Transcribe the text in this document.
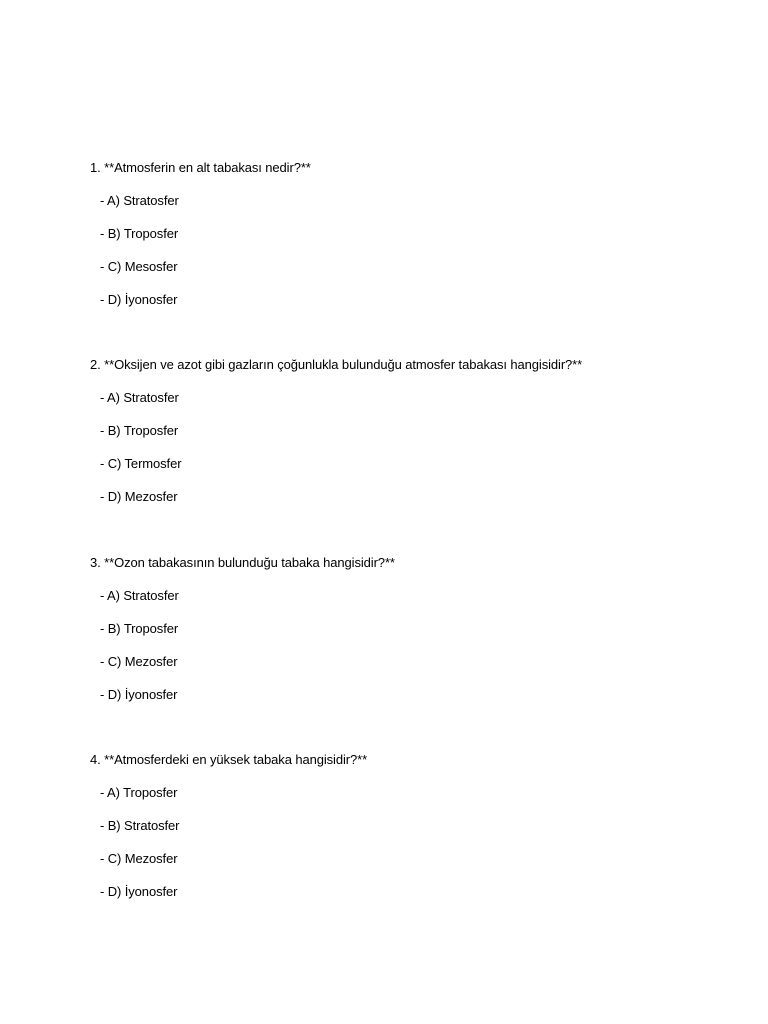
1. **Atmosferin en alt tabakası nedir?**
- A) Stratosfer
- B) Troposfer
- C) Mesosfer
- D) İyonosfer
2. **Oksijen ve azot gibi gazların çoğunlukla bulunduğu atmosfer tabakası hangisidir?**
- A) Stratosfer
- B) Troposfer
- C) Termosfer
- D) Mezosfer
3. **Ozon tabakasının bulunduğu tabaka hangisidir?**
- A) Stratosfer
- B) Troposfer
- C) Mezosfer
- D) İyonosfer
4. **Atmosferdeki en yüksek tabaka hangisidir?**
- A) Troposfer
- B) Stratosfer
- C) Mezosfer
- D) İyonosfer
